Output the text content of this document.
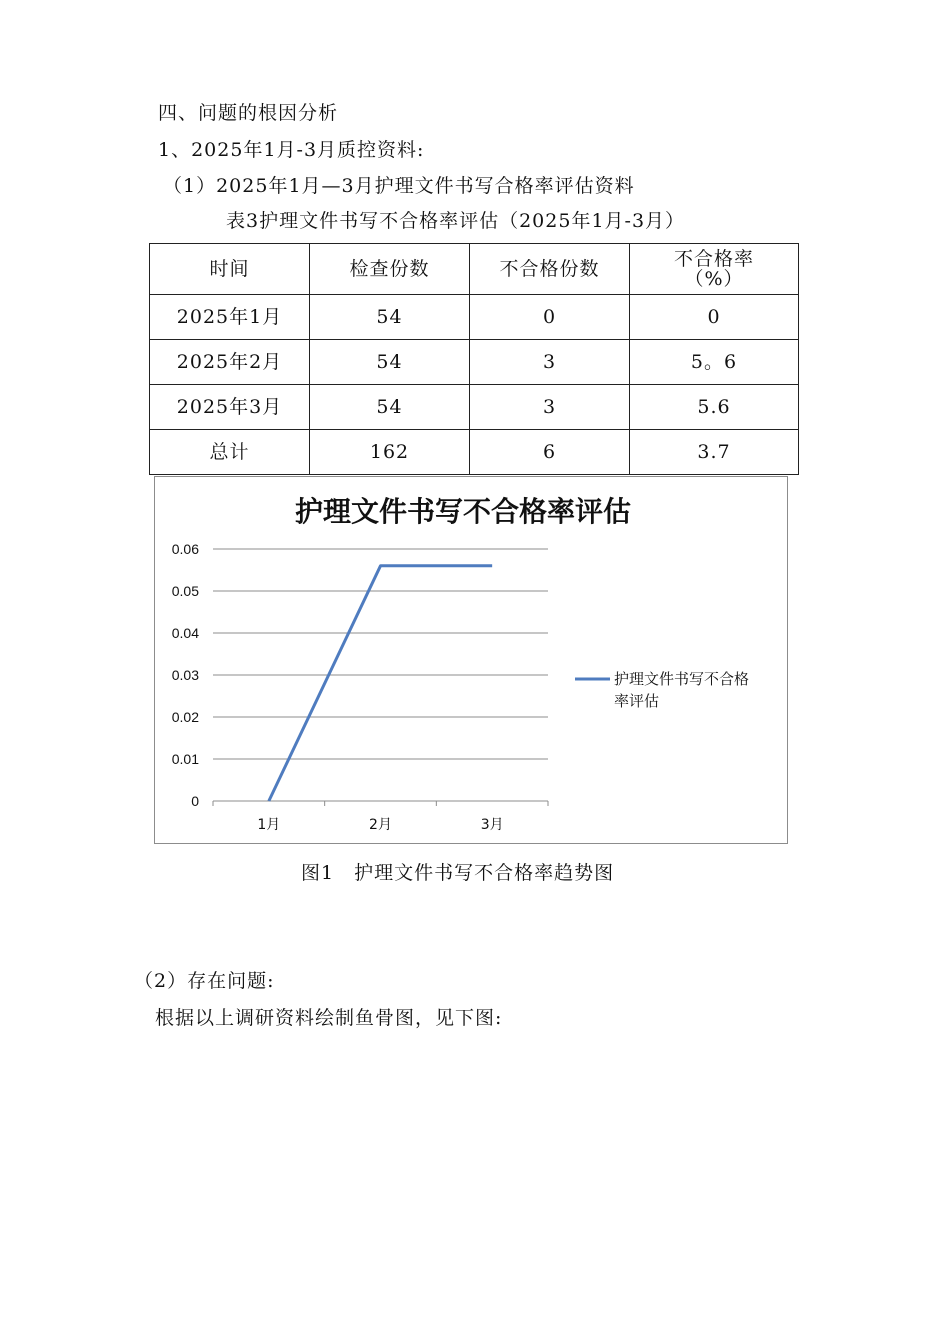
四、问题的根因分析
1、2025年1月-3月质控资料:
（1）2025年1月—3月护理文件书写合格率评估资料
表3护理文件书写不合格率评估（2025年1月-3月）
时间	检查份数	不合格份数	不合格率
（%）

2025年1月	54	0	0
2025年2月	54	3	5。6
2025年3月	54	3	5.6
总计	162	6	3.7
护理文件书写不合格率评估
0
0.01
0.02
0.03
0.04
0.05
0.06
1月	2月	3月
护理文件书写不合格率评估
图1　护理文件书写不合格率趋势图
（2）存在问题:
根据以上调研资料绘制鱼骨图，见下图:
